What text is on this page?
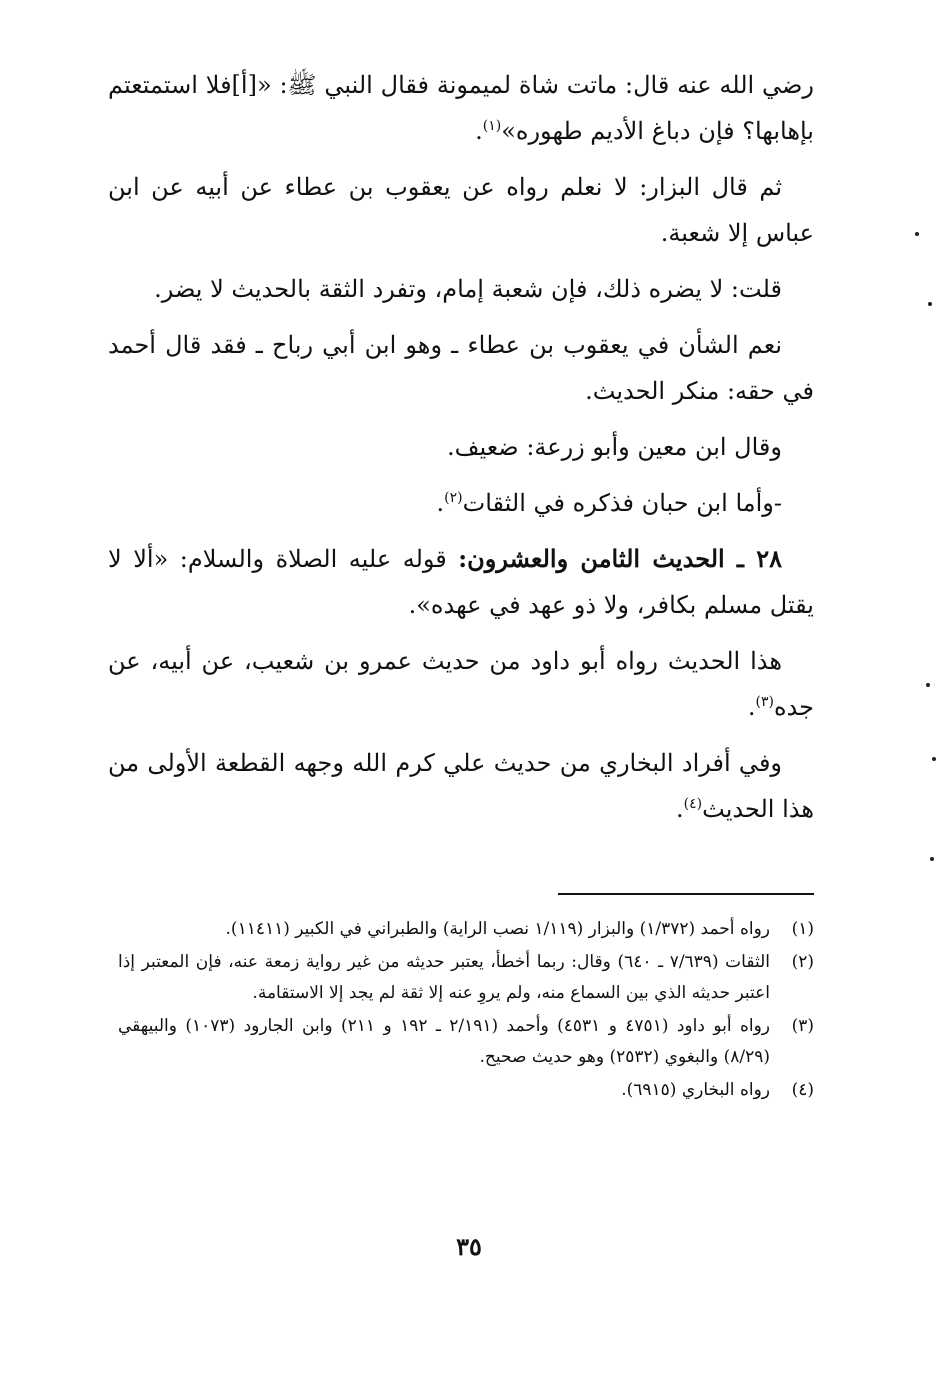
رضي الله عنه قال: ماتت شاة لميمونة فقال النبي ﷺ: «[أ]فلا استمتعتم بإهابها؟ فإن دباغ الأديم طهوره»$^{(١)}$.

ثم قال البزار: لا نعلم رواه عن يعقوب بن عطاء عن أبيه عن ابن عباس إلا شعبة.

قلت: لا يضره ذلك، فإن شعبة إمام، وتفرد الثقة بالحديث لا يضر.

نعم الشأن في يعقوب بن عطاء ـ وهو ابن أبي رباح ـ فقد قال أحمد في حقه: منكر الحديث.

وقال ابن معين وأبو زرعة: ضعيف.

-وأما ابن حبان فذكره في الثقات$^{(٢)}$.

٢٨ ـ الحديث الثامن والعشرون: قوله عليه الصلاة والسلام: «ألا لا يقتل مسلم بكافر، ولا ذو عهد في عهده».

هذا الحديث رواه أبو داود من حديث عمرو بن شعيب، عن أبيه، عن جده$^{(٣)}$.

وفي أفراد البخاري من حديث علي كرم الله وجهه القطعة الأولى من هذا الحديث$^{(٤)}$.

(١)
رواه أحمد (١/٣٧٢) والبزار (١/١١٩ نصب الراية) والطبراني في الكبير (١١٤١١).
(٢)
الثقات (٧/٦٣٩ ـ ٦٤٠) وقال: ربما أخطأ، يعتبر حديثه من غير رواية زمعة عنه، فإن المعتبر إذا اعتبر حديثه الذي بين السماع منه، ولم يروِ عنه إلا ثقة لم يجد إلا الاستقامة.
(٣)
رواه أبو داود (٤٧٥١ و ٤٥٣١) وأحمد (٢/١٩١ ـ ١٩٢ و ٢١١) وابن الجارود (١٠٧٣) والبيهقي (٨/٢٩) والبغوي (٢٥٣٢) وهو حديث صحيح.
(٤)
رواه البخاري (٦٩١٥).
٣٥
